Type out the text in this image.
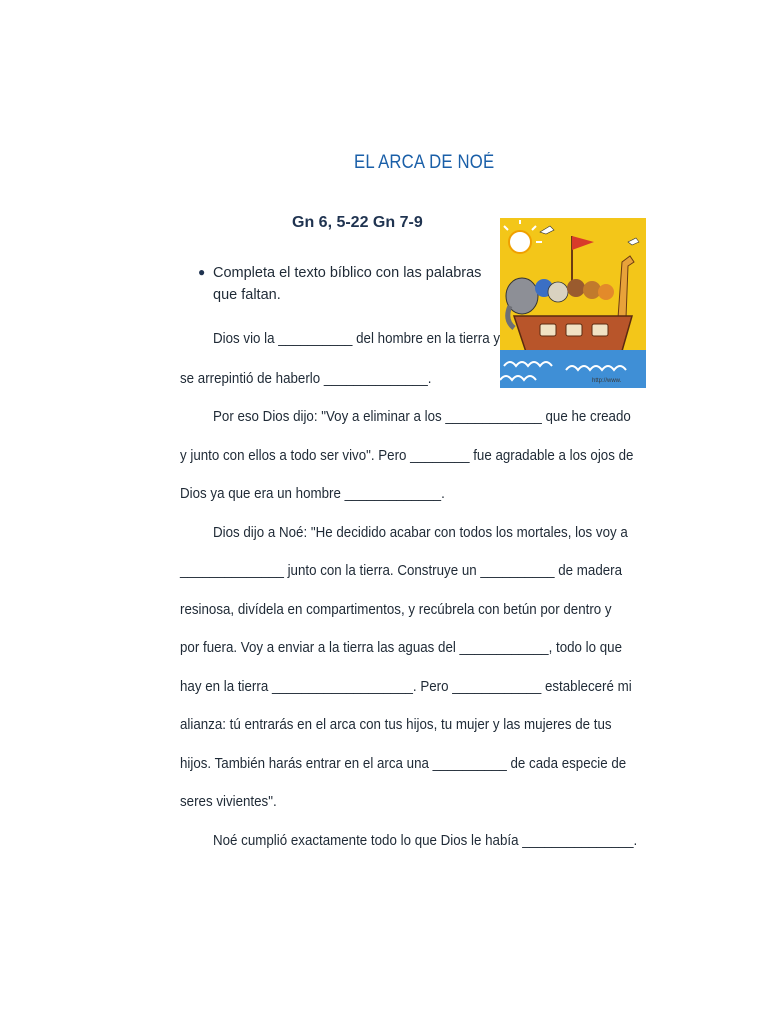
EL ARCA DE NOÉ
Gn 6, 5-22 Gn 7-9
● Completa el texto bíblico con las palabras que faltan.
http://www.
Dios vio la __________ del hombre en la tierra y
se arrepintió de haberlo ______________.
Por eso Dios dijo: "Voy a eliminar a los _____________ que he creado
y junto con ellos a todo ser vivo". Pero ________ fue agradable a los ojos de
Dios ya que era un hombre _____________.
Dios dijo a Noé: "He decidido acabar con todos los mortales, los voy a
______________ junto con la tierra. Construye un __________ de madera
resinosa, divídela en compartimentos, y recúbrela con betún por dentro y
por fuera. Voy a enviar a la tierra las aguas del ____________, todo lo que
hay en la tierra ___________________. Pero ____________ estableceré mi
alianza: tú entrarás en el arca con tus hijos, tu mujer y las mujeres de tus
hijos. También harás entrar en el arca una __________ de cada especie de
seres vivientes".
Noé cumplió exactamente todo lo que Dios le había _______________.
